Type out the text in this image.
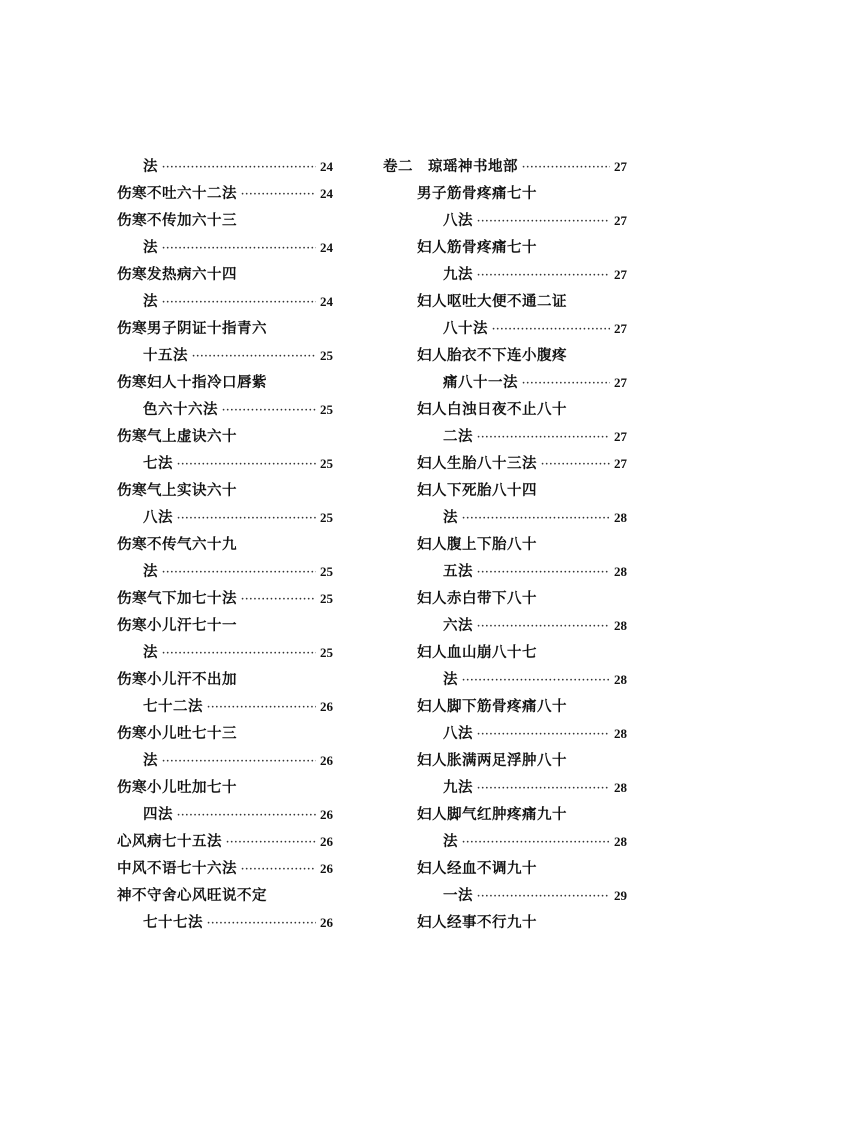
法 ·····	24
伤寒不吐六十二法 ·····	24
伤寒不传加六十三
法 ·····	24
伤寒发热病六十四
法 ·····	24
伤寒男子阴证十指青六
十五法 ·····	25
伤寒妇人十指冷口唇紫
色六十六法 ·····	25
伤寒气上虚诀六十
七法 ·····	25
伤寒气上实诀六十
八法 ·····	25
伤寒不传气六十九
法 ·····	25
伤寒气下加七十法 ·····	25
伤寒小儿汗七十一
法 ·····	25
伤寒小儿汗不出加
七十二法 ·····	26
伤寒小儿吐七十三
法 ·····	26
伤寒小儿吐加七十
四法 ·····	26
心风病七十五法 ·····	26
中风不语七十六法 ·····	26
神不守舍心风旺说不定
七十七法 ·····	26
卷二　琼瑶神书地部 ·····	27
男子筋骨疼痛七十
八法 ·····	27
妇人筋骨疼痛七十
九法 ·····	27
妇人呕吐大便不通二证
八十法 ·····	27
妇人胎衣不下连小腹疼
痛八十一法 ·····	27
妇人白浊日夜不止八十
二法 ·····	27
妇人生胎八十三法 ·····	27
妇人下死胎八十四
法 ·····	28
妇人腹上下胎八十
五法 ·····	28
妇人赤白带下八十
六法 ·····	28
妇人血山崩八十七
法 ·····	28
妇人脚下筋骨疼痛八十
八法 ·····	28
妇人胀满两足浮肿八十
九法 ·····	28
妇人脚气红肿疼痛九十
法 ·····	28
妇人经血不调九十
一法 ·····	29
妇人经事不行九十
